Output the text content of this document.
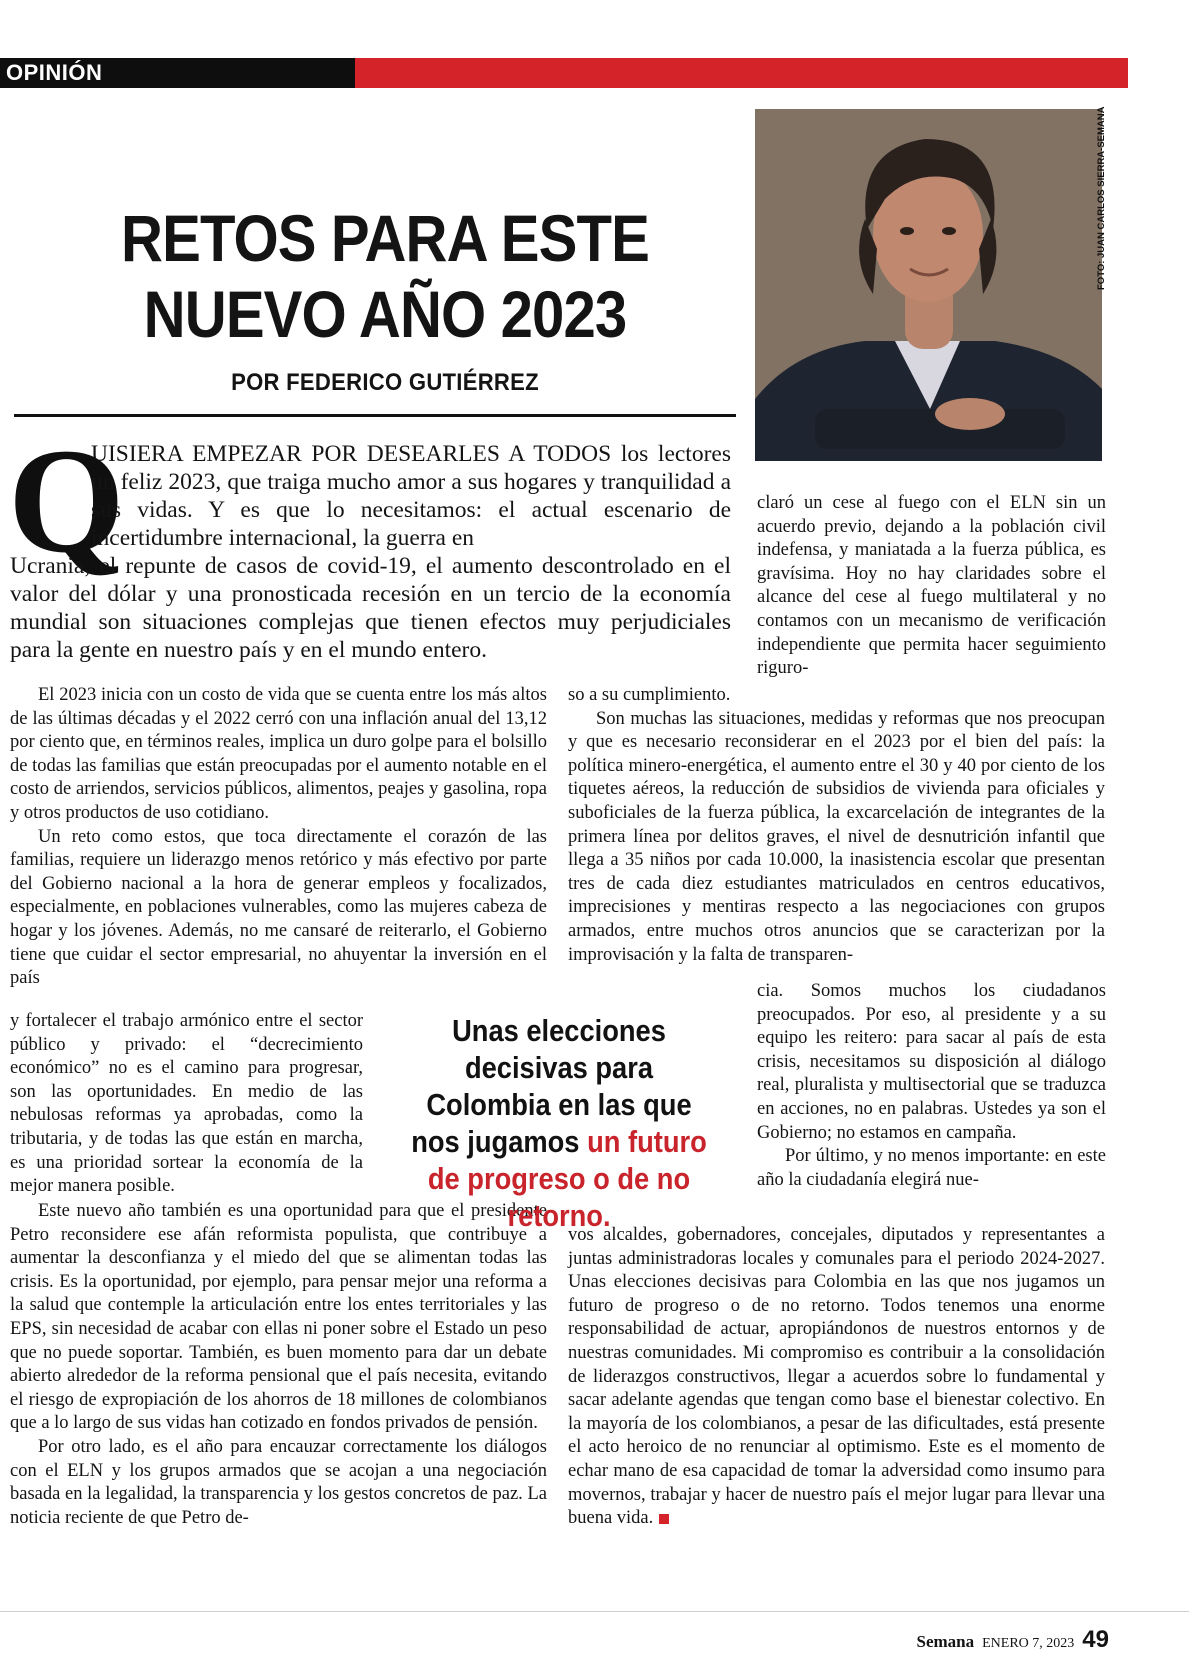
OPINIÓN
RETOS PARA ESTE
NUEVO AÑO 2023
POR FEDERICO GUTIÉRREZ
FOTO: JUAN CARLOS SIERRA-SEMANA
Q

UISIERA EMPEZAR POR DESEARLES A TODOS los lectores un feliz 2023, que traiga mucho amor a sus hogares y tranquilidad a sus vidas. Y es que lo necesitamos: el actual escenario de incertidumbre internacional, la guerra en

Ucrania, el repunte de casos de covid-19, el aumento descontrolado en el valor del dólar y una pronosticada recesión en un tercio de la economía mundial son situaciones complejas que tienen efectos muy perjudiciales para la gente en nuestro país y en el mundo entero.

claró un cese al fuego con el ELN sin un acuerdo previo, dejando a la población civil indefensa, y maniatada a la fuerza pública, es gravísima. Hoy no hay claridades sobre el alcance del cese al fuego multilateral y no contamos con un mecanismo de verificación independiente que permita hacer seguimiento riguro-

El 2023 inicia con un costo de vida que se cuenta entre los más altos de las últimas décadas y el 2022 cerró con una inflación anual del 13,12 por ciento que, en términos reales, implica un duro golpe para el bolsillo de todas las familias que están preocupadas por el aumento notable en el costo de arriendos, servicios públicos, alimentos, peajes y gasolina, ropa y otros productos de uso cotidiano.

Un reto como estos, que toca directamente el corazón de las familias, requiere un liderazgo menos retórico y más efectivo por parte del Gobierno nacional a la hora de generar empleos y focalizados, especialmente, en poblaciones vulnerables, como las mujeres cabeza de hogar y los jóvenes. Además, no me cansaré de reiterarlo, el Gobierno tiene que cuidar el sector empresarial, no ahuyentar la inversión en el país

y fortalecer el trabajo armónico entre el sector público y privado: el “decrecimiento económico” no es el camino para progresar, son las oportunidades. En medio de las nebulosas reformas ya aprobadas, como la tributaria, y de todas las que están en marcha, es una prioridad sortear la economía de la mejor manera posible.

Este nuevo año también es una oportunidad para que el presidente Petro reconsidere ese afán reformista populista, que contribuye a aumentar la desconfianza y el miedo del que se alimentan todas las crisis. Es la oportunidad, por ejemplo, para pensar mejor una reforma a la salud que contemple la articulación entre los entes territoriales y las EPS, sin necesidad de acabar con ellas ni poner sobre el Estado un peso que no puede soportar. También, es buen momento para dar un debate abierto alrededor de la reforma pensional que el país necesita, evitando el riesgo de expropiación de los ahorros de 18 millones de colombianos que a lo largo de sus vidas han cotizado en fondos privados de pensión.

Por otro lado, es el año para encauzar correctamente los diálogos con el ELN y los grupos armados que se acojan a una negociación basada en la legalidad, la transparencia y los gestos concretos de paz. La noticia reciente de que Petro de-

so a su cumplimiento.

Son muchas las situaciones, medidas y reformas que nos preocupan y que es necesario reconsiderar en el 2023 por el bien del país: la política minero-energética, el aumento entre el 30 y 40 por ciento de los tiquetes aéreos, la reducción de subsidios de vivienda para oficiales y suboficiales de la fuerza pública, la excarcelación de integrantes de la primera línea por delitos graves, el nivel de desnutrición infantil que llega a 35 niños por cada 10.000, la inasistencia escolar que presentan tres de cada diez estudiantes matriculados en centros educativos, imprecisiones y mentiras respecto a las negociaciones con grupos armados, entre muchos otros anuncios que se caracterizan por la improvisación y la falta de transparen-

cia. Somos muchos los ciudadanos preocupados. Por eso, al presidente y a su equipo les reitero: para sacar al país de esta crisis, necesitamos su disposición al diálogo real, pluralista y multisectorial que se traduzca en acciones, no en palabras. Ustedes ya son el Gobierno; no estamos en campaña.

Por último, y no menos importante: en este año la ciudadanía elegirá nue-

vos alcaldes, gobernadores, concejales, diputados y representantes a juntas administradoras locales y comunales para el periodo 2024-2027. Unas elecciones decisivas para Colombia en las que nos jugamos un futuro de progreso o de no retorno. Todos tenemos una enorme responsabilidad de actuar, apropiándonos de nuestros entornos y de nuestras comunidades. Mi compromiso es contribuir a la consolidación de liderazgos constructivos, llegar a acuerdos sobre lo fundamental y sacar adelante agendas que tengan como base el bienestar colectivo. En la mayoría de los colombianos, a pesar de las dificultades, está presente el acto heroico de no renunciar al optimismo. Este es el momento de echar mano de esa capacidad de tomar la adversidad como insumo para movernos, trabajar y hacer de nuestro país el mejor lugar para llevar una buena vida.

Unas elecciones decisivas para Colombia en las que nos jugamos un futuro de progreso o de no retorno.
Semana ENERO 7, 2023 49
